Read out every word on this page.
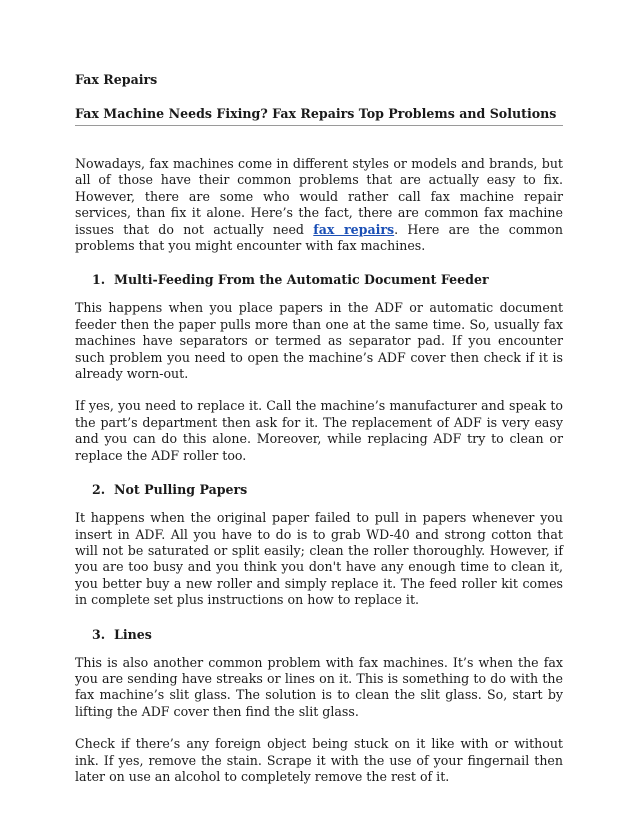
Fax Repairs

Fax Machine Needs Fixing? Fax Repairs Top Problems and Solutions

Nowadays, fax machines come in different styles or models and brands, but all of those have their common problems that are actually easy to fix. However, there are some who would rather call fax machine repair services, than fix it alone. Here’s the fact, there are common fax machine issues that do not actually need fax repairs. Here are the common problems that you might encounter with fax machines.

1. Multi-Feeding From the Automatic Document Feeder

This happens when you place papers in the ADF or automatic document feeder then the paper pulls more than one at the same time. So, usually fax machines have separators or termed as separator pad. If you encounter such problem you need to open the machine’s ADF cover then check if it is already worn-out.

If yes, you need to replace it. Call the machine’s manufacturer and speak to the part’s department then ask for it. The replacement of ADF is very easy and you can do this alone. Moreover, while replacing ADF try to clean or replace the ADF roller too.

2. Not Pulling Papers

It happens when the original paper failed to pull in papers whenever you insert in ADF. All you have to do is to grab WD-40 and strong cotton that will not be saturated or split easily; clean the roller thoroughly. However, if you are too busy and you think you don't have any enough time to clean it, you better buy a new roller and simply replace it. The feed roller kit comes in complete set plus instructions on how to replace it.

3. Lines

This is also another common problem with fax machines. It’s when the fax you are sending have streaks or lines on it. This is something to do with the fax machine’s slit glass. The solution is to clean the slit glass. So, start by lifting the ADF cover then find the slit glass.

Check if there’s any foreign object being stuck on it like with or without ink. If yes, remove the stain. Scrape it with the use of your fingernail then later on use an alcohol to completely remove the rest of it.
